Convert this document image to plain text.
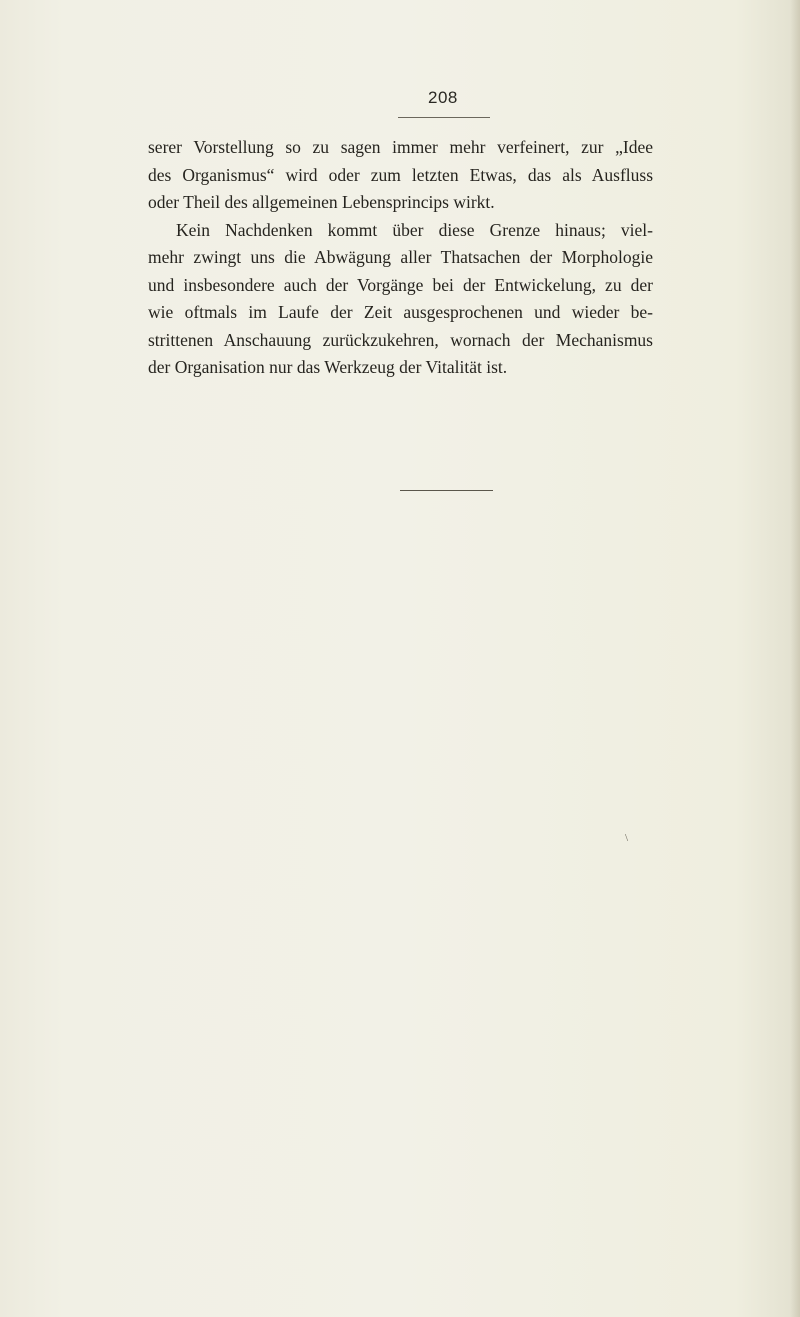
208

serer Vorstellung so zu sagen immer mehr verfeinert, zur „Idee
des Organismus“ wird oder zum letzten Etwas, das als Ausfluss
oder Theil des allgemeinen Lebensprincips wirkt.

Kein Nachdenken kommt über diese Grenze hinaus; viel-
mehr zwingt uns die Abwägung aller Thatsachen der Morphologie
und insbesondere auch der Vorgänge bei der Entwickelung, zu der
wie oftmals im Laufe der Zeit ausgesprochenen und wieder be-
strittenen Anschauung zurückzukehren, wornach der Mechanismus
der Organisation nur das Werkzeug der Vitalität ist.

\
